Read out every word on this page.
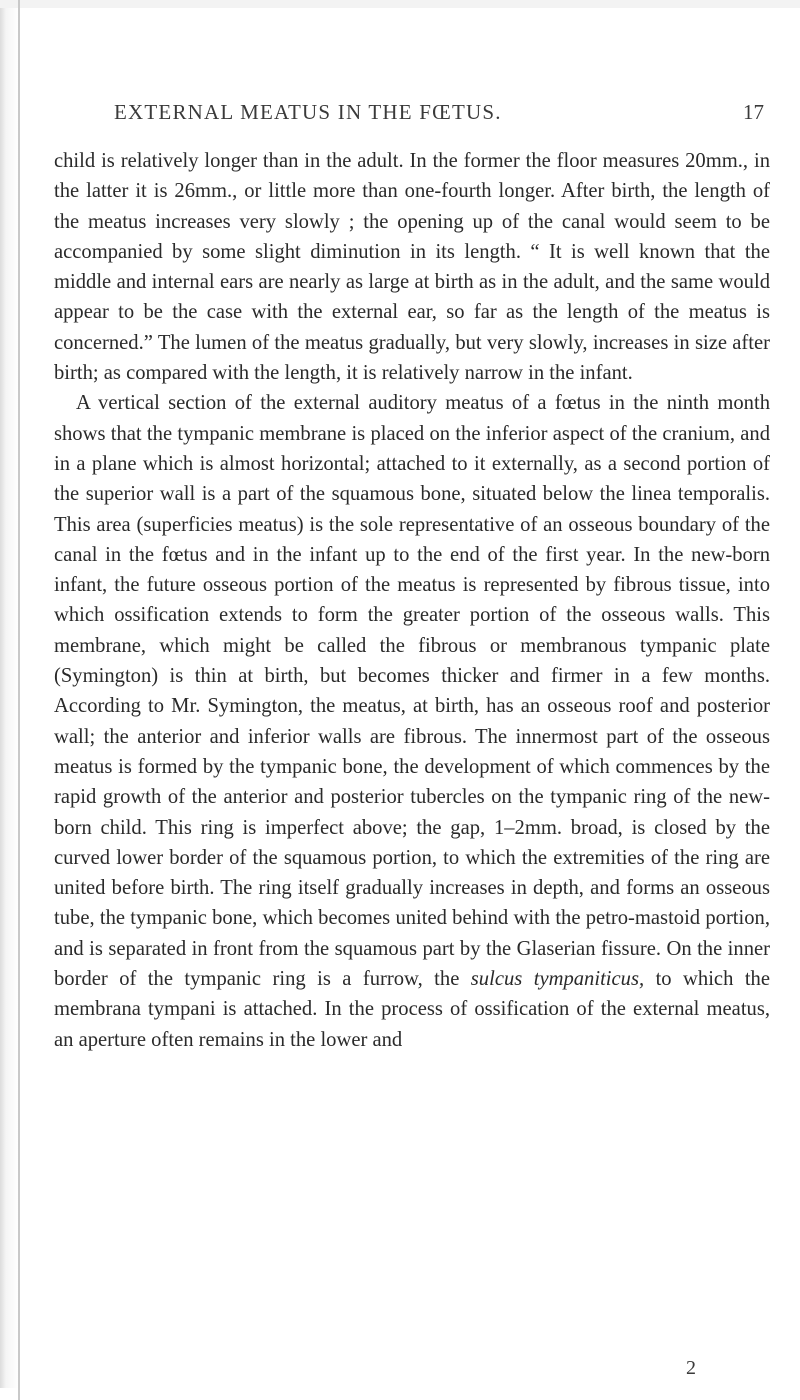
EXTERNAL MEATUS IN THE FŒTUS.	17

child is relatively longer than in the adult. In the former the floor measures 20mm., in the latter it is 26mm., or little more than one-fourth longer. After birth, the length of the meatus increases very slowly ; the opening up of the canal would seem to be accompanied by some slight diminution in its length. “ It is well known that the middle and internal ears are nearly as large at birth as in the adult, and the same would appear to be the case with the external ear, so far as the length of the meatus is concerned.” The lumen of the meatus gradually, but very slowly, increases in size after birth; as compared with the length, it is relatively narrow in the infant.

A vertical section of the external auditory meatus of a fœtus in the ninth month shows that the tympanic membrane is placed on the inferior aspect of the cranium, and in a plane which is almost horizontal; attached to it externally, as a second portion of the superior wall is a part of the squamous bone, situated below the linea temporalis. This area (superficies meatus) is the sole representative of an osseous boundary of the canal in the fœtus and in the infant up to the end of the first year. In the new-born infant, the future osseous portion of the meatus is represented by fibrous tissue, into which ossification extends to form the greater portion of the osseous walls. This membrane, which might be called the fibrous or membranous tympanic plate (Symington) is thin at birth, but becomes thicker and firmer in a few months. According to Mr. Symington, the meatus, at birth, has an osseous roof and posterior wall; the anterior and inferior walls are fibrous. The innermost part of the osseous meatus is formed by the tympanic bone, the development of which commences by the rapid growth of the anterior and posterior tubercles on the tympanic ring of the new-born child. This ring is imperfect above; the gap, 1–2mm. broad, is closed by the curved lower border of the squamous portion, to which the extremities of the ring are united before birth. The ring itself gradually increases in depth, and forms an osseous tube, the tympanic bone, which becomes united behind with the petro-mastoid portion, and is separated in front from the squamous part by the Glaserian fissure. On the inner border of the tympanic ring is a furrow, the sulcus tympaniticus, to which the membrana tympani is attached. In the process of ossification of the external meatus, an aperture often remains in the lower and

2
